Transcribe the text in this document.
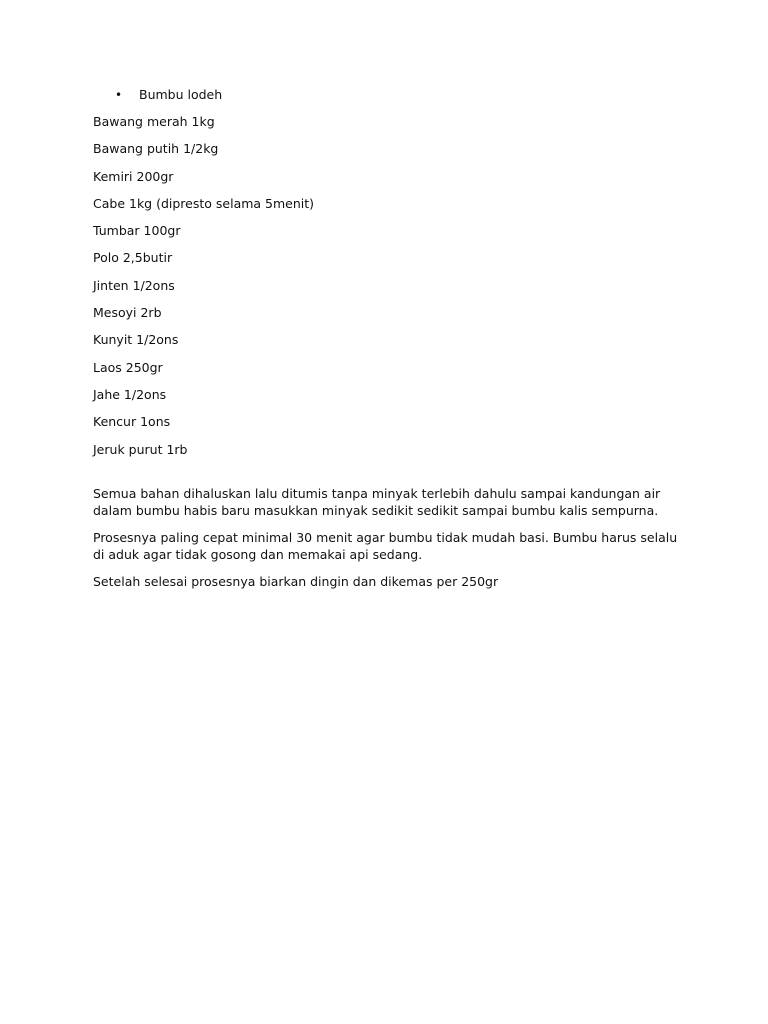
• Bumbu lodeh
Bawang merah 1kg
Bawang putih 1/2kg
Kemiri 200gr
Cabe 1kg (dipresto selama 5menit)
Tumbar 100gr
Polo 2,5butir
Jinten 1/2ons
Mesoyi 2rb
Kunyit 1/2ons
Laos 250gr
Jahe 1/2ons
Kencur 1ons
Jeruk purut 1rb

Semua bahan dihaluskan lalu ditumis tanpa minyak terlebih dahulu sampai kandungan air dalam bumbu habis baru masukkan minyak sedikit sedikit sampai bumbu kalis sempurna.

Prosesnya paling cepat minimal 30 menit agar bumbu tidak mudah basi. Bumbu harus selalu di aduk agar tidak gosong dan memakai api sedang.

Setelah selesai prosesnya biarkan dingin dan dikemas per 250gr
